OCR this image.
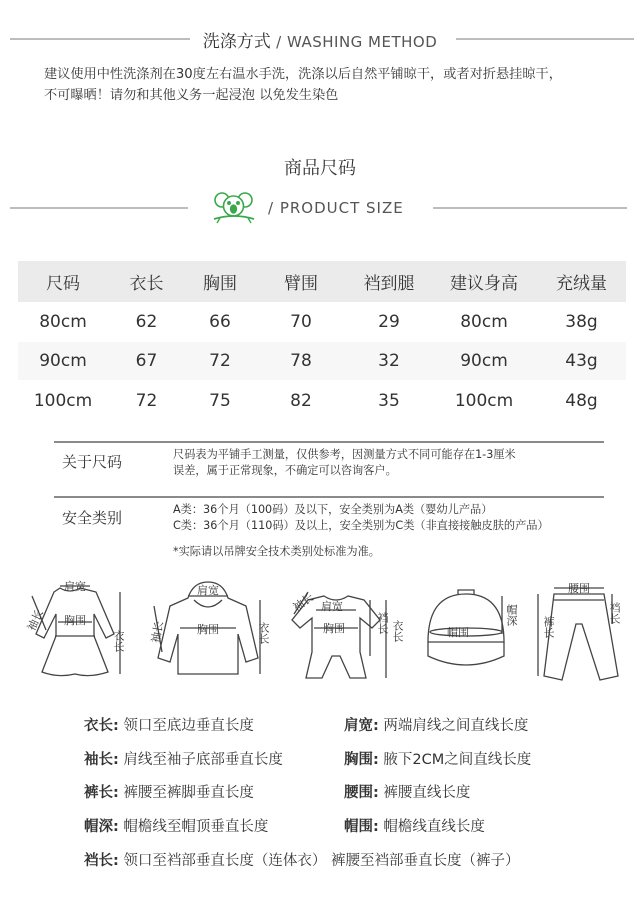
洗涤方式 / WASHING METHOD
建议使用中性洗涤剂在30度左右温水手洗，洗涤以后自然平铺晾干，或者对折悬挂晾干，
不可曝晒！请勿和其他义务一起浸泡 以免发生染色
商品尺码
/ PRODUCT SIZE
尺码	衣长	胸围	臂围	裆到腿	建议身高	充绒量
80cm	62	66	70	29	80cm	38g
90cm	67	72	78	32	90cm	43g
100cm	72	75	82	35	100cm	48g
关于尺码	尺码表为平铺手工测量，仅供参考，因测量方式不同可能存在1-3厘米
误差，属于正常现象，不确定可以咨询客户。
安全类别	A类：36个月（100码）及以下，安全类别为A类（婴幼儿产品）
C类：36个月（110码）及以上，安全类别为C类（非直接接触皮肤的产品）
*实际请以吊牌安全技术类别处标准为准。
肩宽
胸围
袖长
衣长
肩宽
胸围
袖长	衣长
袖长 肩宽
胸围	裆长 衣长	帽围
帽深
腰围
裤长
裆长
衣长: 领口至底边垂直长度	肩宽: 两端肩线之间直线长度
袖长: 肩线至袖子底部垂直长度	胸围: 腋下2CM之间直线长度
裤长: 裤腰至裤脚垂直长度	腰围: 裤腰直线长度
帽深: 帽檐线至帽顶垂直长度	帽围: 帽檐线直线长度
裆长: 领口至裆部垂直长度（连体衣） 裤腰至裆部垂直长度（裤子）
